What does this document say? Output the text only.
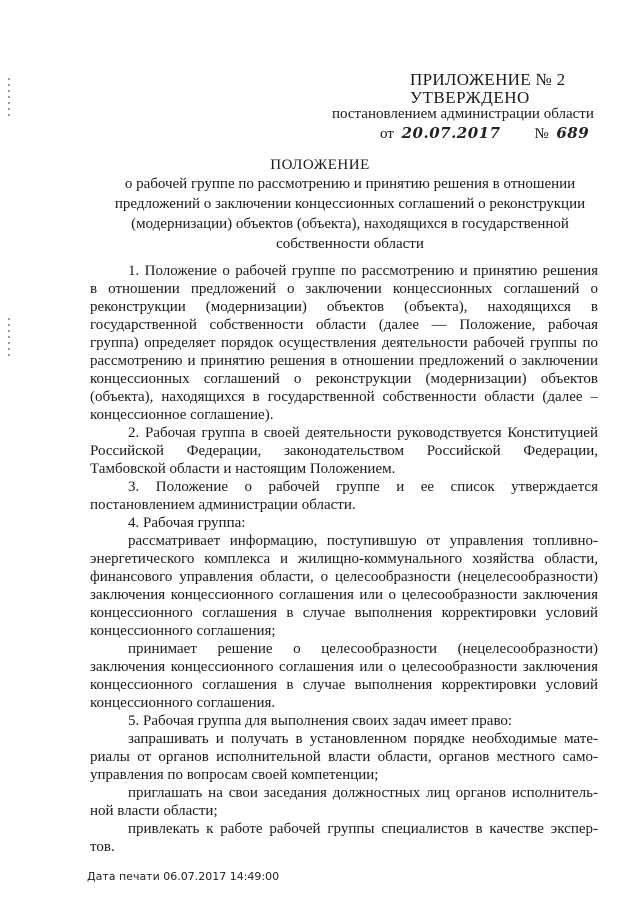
ПРИЛОЖЕНИЕ № 2
УТВЕРЖДЕНО
постановлением администрации области
от 20.07.2017 № 689
ПОЛОЖЕНИЕ
о рабочей группе по рассмотрению и принятию решения в отношении
предложений о заключении концессионных соглашений о реконструкции
(модернизации) объектов (объекта), находящихся в государственной
собственности области
1. Положение о рабочей группе по рассмотрению и принятию решения
в отношении предложений о заключении концессионных соглашений о
реконструкции (модернизации) объектов (объекта), находящихся в
государственной собственности области (далее — Положение, рабочая
группа) определяет порядок осуществления деятельности рабочей группы по
рассмотрению и принятию решения в отношении предложений о заключении
концессионных соглашений о реконструкции (модернизации) объектов
(объекта), находящихся в государственной собственности области (далее –
концессионное соглашение).
2. Рабочая группа в своей деятельности руководствуется Конституцией
Российской Федерации, законодательством Российской Федерации,
Тамбовской области и настоящим Положением.
3. Положение о рабочей группе и ее список утверждается
постановлением администрации области.
4. Рабочая группа:
рассматривает информацию, поступившую от управления топливно-
энергетического комплекса и жилищно-коммунального хозяйства области,
финансового управления области, о целесообразности (нецелесообразности)
заключения концессионного соглашения или о целесообразности заключения
концессионного соглашения в случае выполнения корректировки условий
концессионного соглашения;
принимает решение о целесообразности (нецелесообразности)
заключения концессионного соглашения или о целесообразности заключения
концессионного соглашения в случае выполнения корректировки условий
концессионного соглашения.
5. Рабочая группа для выполнения своих задач имеет право:
запрашивать и получать в установленном порядке необходимые мате-
риалы от органов исполнительной власти области, органов местного само-
управления по вопросам своей компетенции;
приглашать на свои заседания должностных лиц органов исполнитель-
ной власти области;
привлекать к работе рабочей группы специалистов в качестве экспер-
тов.
Дата печати 06.07.2017 14:49:00
